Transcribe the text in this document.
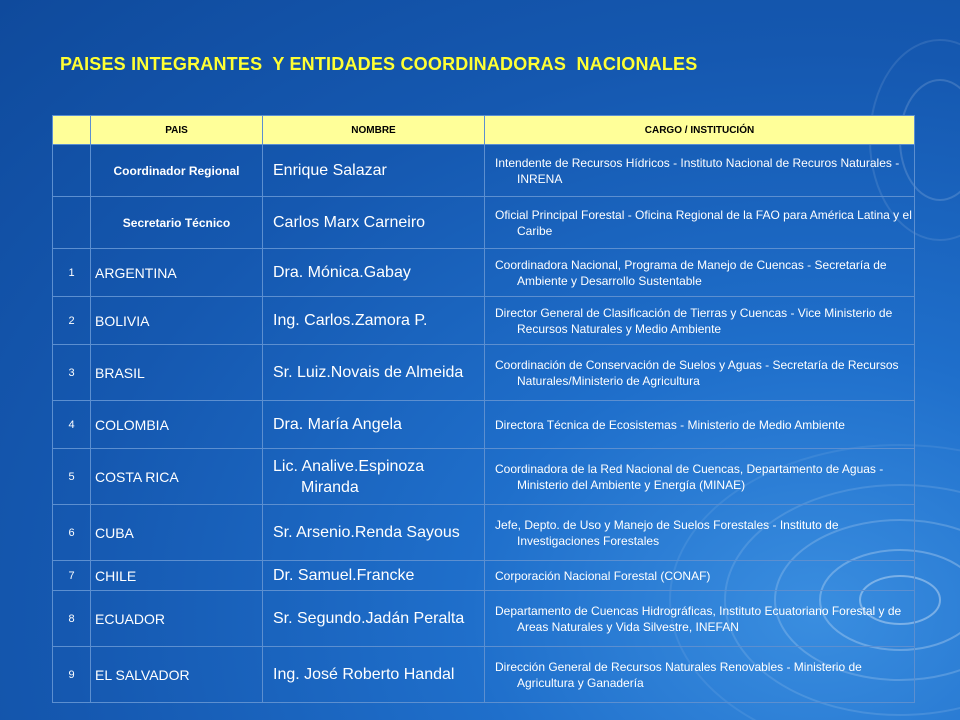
PAISES INTEGRANTES  Y ENTIDADES COORDINADORAS  NACIONALES
	PAIS	NOMBRE	CARGO / INSTITUCIÓN
	Coordinador Regional	Enrique Salazar	Intendente de Recursos Hídricos - Instituto Nacional de Recuros Naturales - INRENA

	Secretario Técnico	Carlos Marx Carneiro	Oficial Principal Forestal - Oficina Regional de la FAO para América Latina y el Caribe

1	ARGENTINA	Dra. Mónica.Gabay	Coordinadora Nacional, Programa de Manejo de Cuencas - Secretaría de Ambiente y Desarrollo Sustentable

2	BOLIVIA	Ing. Carlos.Zamora P.	Director General de Clasificación de Tierras y Cuencas - Vice Ministerio de Recursos Naturales y Medio Ambiente

3	BRASIL	Sr. Luiz.Novais de Almeida	Coordinación de Conservación de Suelos y Aguas - Secretaría de Recursos Naturales/Ministerio de Agricultura

4	COLOMBIA	Dra. María Angela	Directora Técnica de Ecosistemas - Ministerio de Medio Ambiente

5	COSTA RICA	Lic. Analive.Espinoza Miranda	Coordinadora de la Red Nacional de Cuencas, Departamento de Aguas - Ministerio del Ambiente y Energía (MINAE)

6	CUBA	Sr. Arsenio.Renda Sayous	Jefe, Depto. de Uso y Manejo de Suelos Forestales - Instituto de Investigaciones Forestales

7	CHILE	Dr. Samuel.Francke	Corporación Nacional Forestal (CONAF)

8	ECUADOR	Sr. Segundo.Jadán Peralta	Departamento de Cuencas Hidrográficas, Instituto Ecuatoriano Forestal y de Areas Naturales y Vida Silvestre, INEFAN

9	EL SALVADOR	Ing. José Roberto Handal	Dirección General de Recursos Naturales Renovables - Ministerio de Agricultura y Ganadería
